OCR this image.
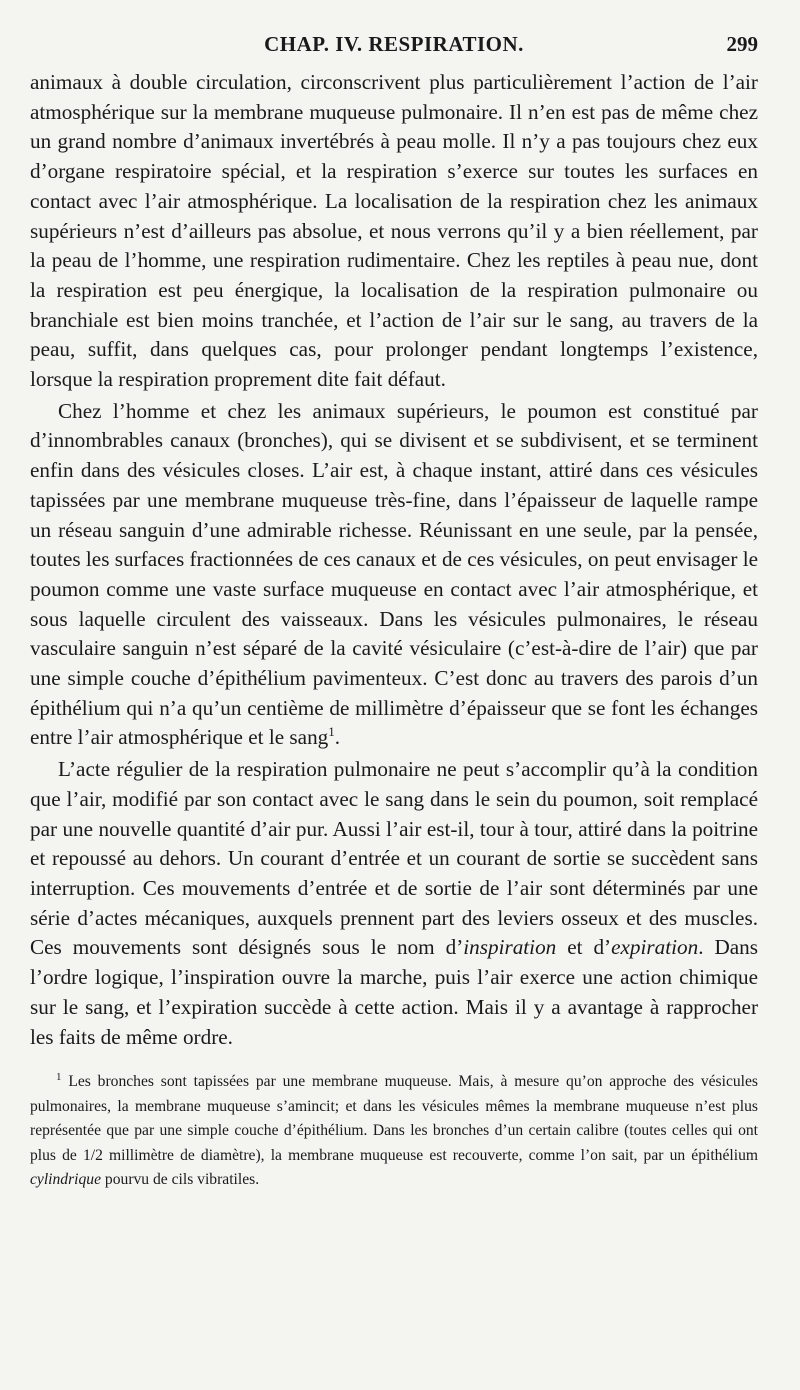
CHAP. IV. RESPIRATION.	299

animaux à double circulation, circonscrivent plus particulièrement l’action de l’air atmosphérique sur la membrane muqueuse pulmonaire. Il n’en est pas de même chez un grand nombre d’animaux invertébrés à peau molle. Il n’y a pas toujours chez eux d’organe respiratoire spécial, et la respiration s’exerce sur toutes les surfaces en contact avec l’air atmosphérique. La localisation de la respiration chez les animaux supérieurs n’est d’ailleurs pas absolue, et nous verrons qu’il y a bien réellement, par la peau de l’homme, une respiration rudimentaire. Chez les reptiles à peau nue, dont la respiration est peu énergique, la localisation de la respiration pulmonaire ou branchiale est bien moins tranchée, et l’action de l’air sur le sang, au travers de la peau, suffit, dans quelques cas, pour prolonger pendant longtemps l’existence, lorsque la respiration proprement dite fait défaut.

Chez l’homme et chez les animaux supérieurs, le poumon est constitué par d’innombrables canaux (bronches), qui se divisent et se subdivisent, et se terminent enfin dans des vésicules closes. L’air est, à chaque instant, attiré dans ces vésicules tapissées par une membrane muqueuse très-fine, dans l’épaisseur de laquelle rampe un réseau sanguin d’une admirable richesse. Réunissant en une seule, par la pensée, toutes les surfaces fractionnées de ces canaux et de ces vésicules, on peut envisager le poumon comme une vaste surface muqueuse en contact avec l’air atmosphérique, et sous laquelle circulent des vaisseaux. Dans les vésicules pulmonaires, le réseau vasculaire sanguin n’est séparé de la cavité vésiculaire (c’est-à-dire de l’air) que par une simple couche d’épithélium pavimenteux. C’est donc au travers des parois d’un épithélium qui n’a qu’un centième de millimètre d’épaisseur que se font les échanges entre l’air atmosphérique et le sang$^1$.

L’acte régulier de la respiration pulmonaire ne peut s’accomplir qu’à la condition que l’air, modifié par son contact avec le sang dans le sein du poumon, soit remplacé par une nouvelle quantité d’air pur. Aussi l’air est-il, tour à tour, attiré dans la poitrine et repoussé au dehors. Un courant d’entrée et un courant de sortie se succèdent sans interruption. Ces mouvements d’entrée et de sortie de l’air sont déterminés par une série d’actes mécaniques, auxquels prennent part des leviers osseux et des muscles. Ces mouvements sont désignés sous le nom d’inspiration et d’expiration. Dans l’ordre logique, l’inspiration ouvre la marche, puis l’air exerce une action chimique sur le sang, et l’expiration succède à cette action. Mais il y a avantage à rapprocher les faits de même ordre.

$^1$ Les bronches sont tapissées par une membrane muqueuse. Mais, à mesure qu’on approche des vésicules pulmonaires, la membrane muqueuse s’amincit; et dans les vésicules mêmes la membrane muqueuse n’est plus représentée que par une simple couche d’épithélium. Dans les bronches d’un certain calibre (toutes celles qui ont plus de 1/2 millimètre de diamètre), la membrane muqueuse est recouverte, comme l’on sait, par un épithélium cylindrique pourvu de cils vibratiles.
